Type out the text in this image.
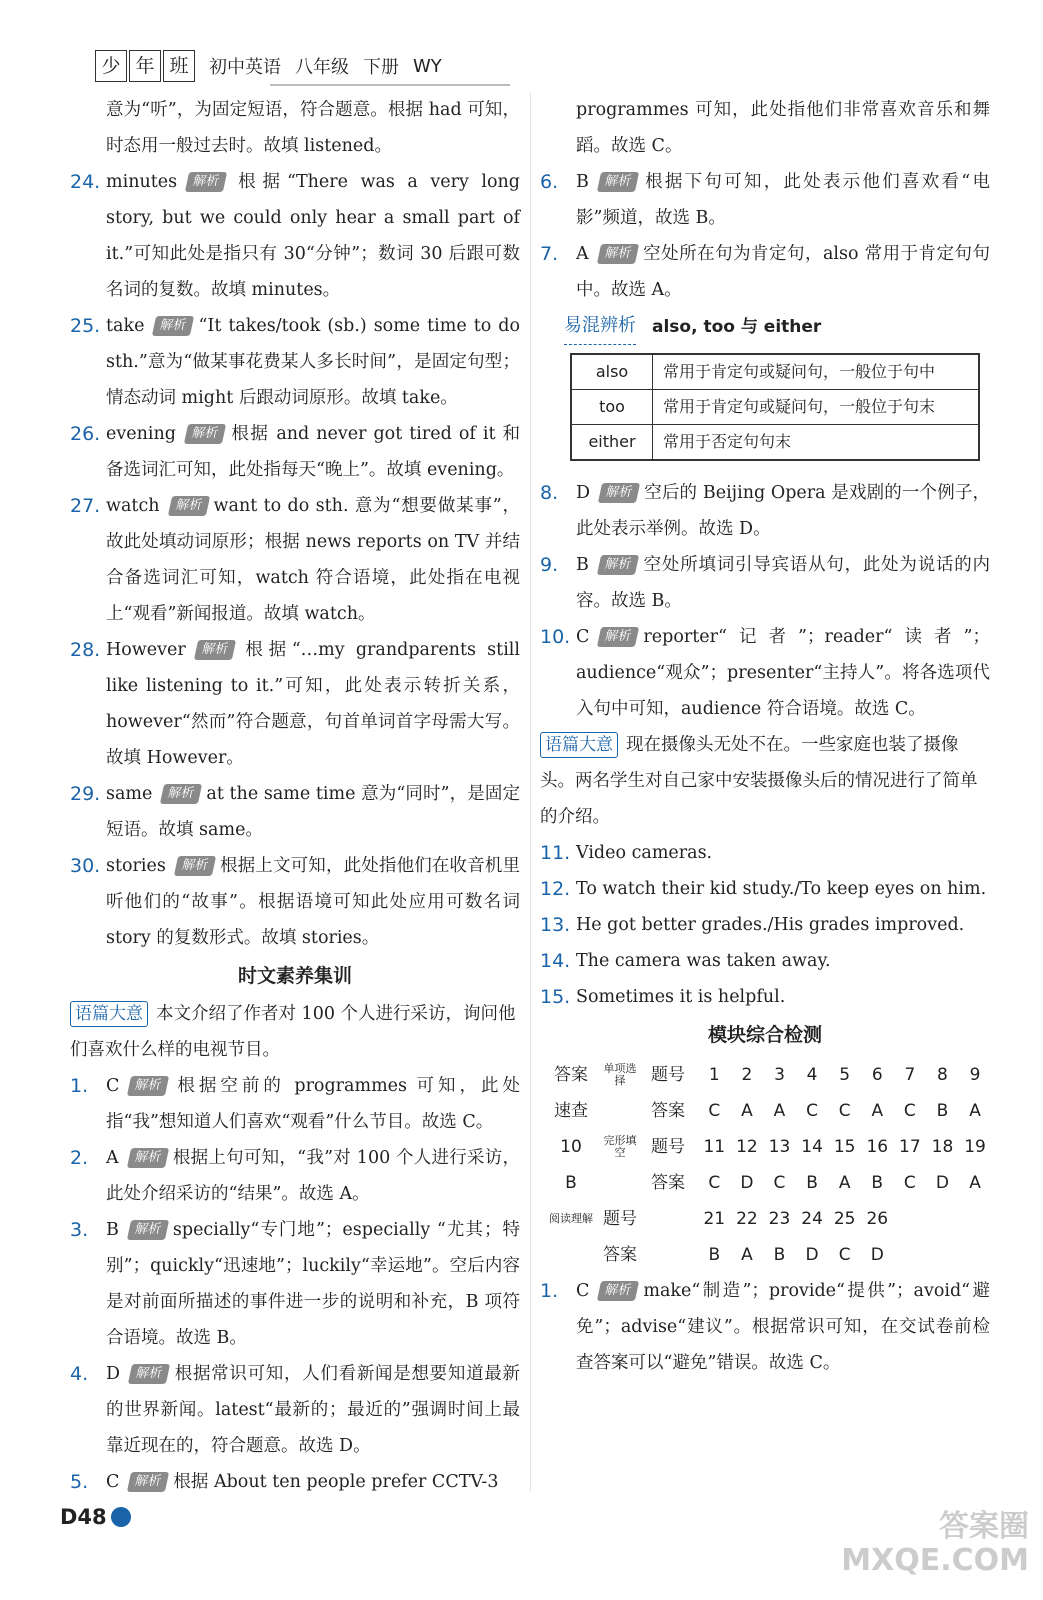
少 年 班	初中英语 八年级 下册 WY

意为“听”，为固定短语，符合题意。根据 had 可知，时态用一般过去时。故填 listened。

24. minutes 解析 根据“There was a very long story, but we could only hear a small part of it.”可知此处是指只有 30“分钟”；数词 30 后跟可数名词的复数。故填 minutes。
25. take 解析 “It takes/took (sb.) some time to do sth.”意为“做某事花费某人多长时间”，是固定句型；情态动词 might 后跟动词原形。故填 take。
26. evening 解析 根据 and never got tired of it 和备选词汇可知，此处指每天“晚上”。故填 evening。
27. watch 解析 want to do sth. 意为“想要做某事”，故此处填动词原形；根据 news reports on TV 并结合备选词汇可知，watch 符合语境，此处指在电视上“观看”新闻报道。故填 watch。
28. However 解析 根据“…my grandparents still like listening to it.”可知，此处表示转折关系，however“然而”符合题意，句首单词首字母需大写。故填 However。
29. same 解析 at the same time 意为“同时”，是固定短语。故填 same。
30. stories 解析 根据上文可知，此处指他们在收音机里听他们的“故事”。根据语境可知此处应用可数名词 story 的复数形式。故填 stories。
时文素养集训

语篇大意 本文介绍了作者对 100 个人进行采访，询问他们喜欢什么样的电视节目。

1.	C 解析 根据空前的 programmes 可知，此处指“我”想知道人们喜欢“观看”什么节目。故选 C。
2.	A 解析 根据上句可知，“我”对 100 个人进行采访，此处介绍采访的“结果”。故选 A。
3.	B 解析 specially“专门地”；especially “尤其；特别”；quickly“迅速地”；luckily“幸运地”。空后内容是对前面所描述的事件进一步的说明和补充，B 项符合语境。故选 B。
4.	D 解析 根据常识可知，人们看新闻是想要知道最新的世界新闻。latest“最新的；最近的”强调时间上最靠近现在的，符合题意。故选 D。
5.	C 解析 根据 About ten people prefer CCTV-3

programmes 可知，此处指他们非常喜欢音乐和舞蹈。故选 C。

6.	B 解析 根据下句可知，此处表示他们喜欢看“电影”频道，故选 B。
7.	A 解析 空处所在句为肯定句，also 常用于肯定句句中。故选 A。
易混辨析 also, too 与 either
also	常用于肯定句或疑问句，一般位于句中
too	常用于肯定句或疑问句，一般位于句末
either	常用于否定句句末
8.	D 解析 空后的 Beijing Opera 是戏剧的一个例子，此处表示举例。故选 D。
9.	B 解析 空处所填词引导宾语从句，此处为说话的内容。故选 B。
10. C 解析 reporter“记者”；reader“读者”；audience“观众”；presenter“主持人”。将各选项代入句中可知，audience 符合语境。故选 C。

语篇大意 现在摄像头无处不在。一些家庭也装了摄像头。两名学生对自己家中安装摄像头后的情况进行了简单的介绍。

11. Video cameras.
12. To watch their kid study./To keep eyes on him.
13. He got better grades./His grades improved.
14. The camera was taken away.
15. Sometimes it is helpful.
模块综合检测
答案	单项选择	题号	1	2	3	4	5	6	7	8	9
速查	答案	C	A	A	C	C	A	C	B	A
10	完形填空	题号	11 12 13 14 15 16 17 18 19
B	答案	C	D	C	B	A	B	C	D	A
阅读理解 题号	21 22 23 24 25 26
答案	B	A	B	D	C	D
1.	C 解析 make“制造”；provide“提供”；avoid“避免”；advise“建议”。根据常识可知，在交试卷前检查答案可以“避免”错误。故选 C。
D48	答案圈
MXQE.COM
